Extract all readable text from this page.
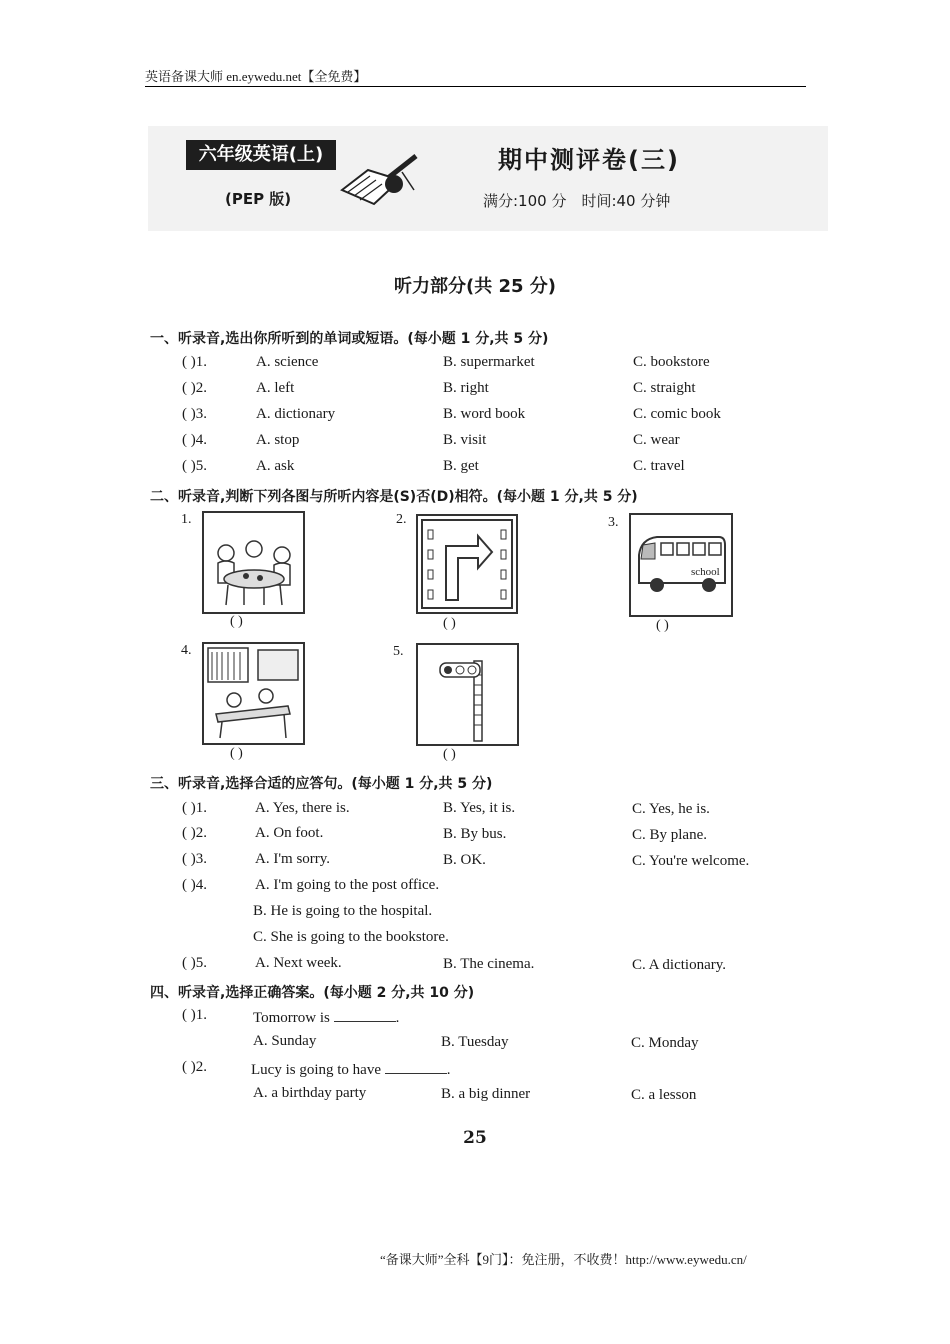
英语备课大师 en.eywedu.net【全免费】
六年级英语(上)
(PEP 版)
期中测评卷(三)
满分:100 分　时间:40 分钟
听力部分(共 25 分)
一、听录音,选出你所听到的单词或短语。(每小题 1 分,共 5 分)
( )1.	A. science	B. supermarket	C. bookstore
( )2.	A. left	B. right	C. straight
( )3.	A. dictionary	B. word book	C. comic book
( )4.	A. stop	B. visit	C. wear
( )5.	A. ask	B. get	C. travel
二、听录音,判断下列各图与所听内容是(S)否(D)相符。(每小题 1 分,共 5 分)
1.
( )
2.
( )
3.
school
( )
4.
( )
5.
( )
三、听录音,选择合适的应答句。(每小题 1 分,共 5 分)
( )1.	A. Yes, there is.	B. Yes, it is.	C. Yes, he is.
( )2.	A. On foot.	B. By bus.	C. By plane.
( )3.	A. I'm sorry.	B. OK.	C. You're welcome.
( )4.	A. I'm going to the post office.
B. He is going to the hospital.
C. She is going to the bookstore.
( )5.	A. Next week.	B. The cinema.	C. A dictionary.
四、听录音,选择正确答案。(每小题 2 分,共 10 分)
( )1.	Tomorrow is	.
A. Sunday	B. Tuesday	C. Monday
( )2.	Lucy is going to have	.
A. a birthday party	B. a big dinner	C. a lesson
25
“备课大师”全科【9门】：免注册，不收费！http://www.eywedu.cn/
